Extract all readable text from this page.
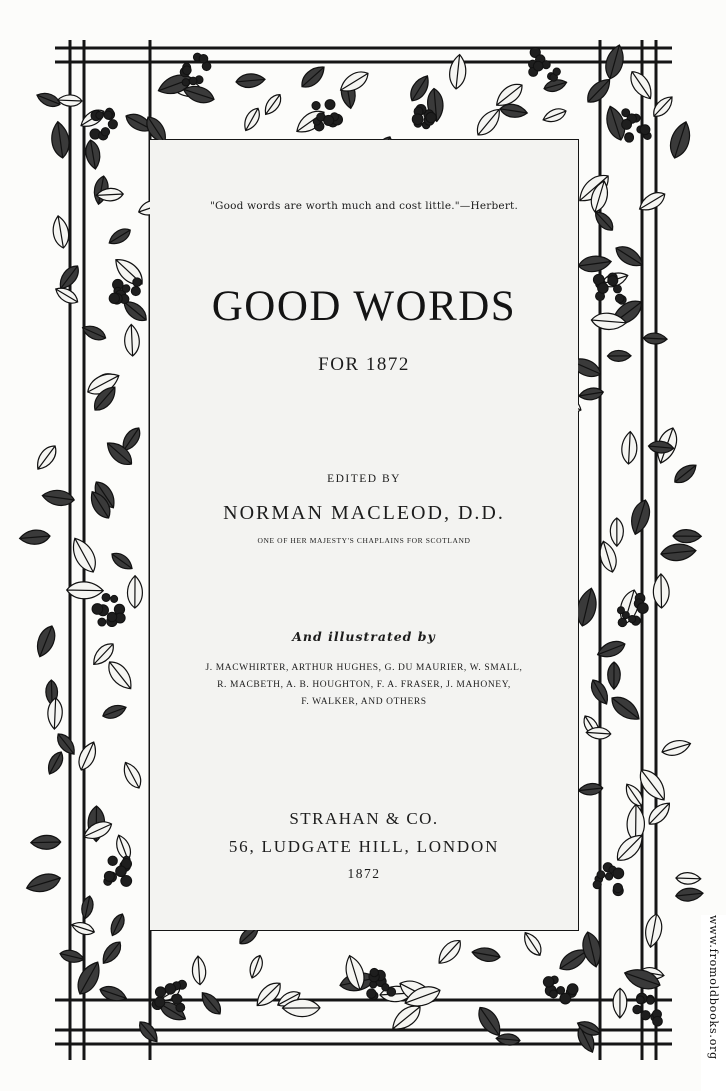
"Good words are worth much and cost little."—Herbert.
GOOD WORDS
FOR 1872
EDITED BY
NORMAN MACLEOD, D.D.
ONE OF HER MAJESTY'S CHAPLAINS FOR SCOTLAND
And illustrated by
J. MACWHIRTER, ARTHUR HUGHES, G. DU MAURIER, W. SMALL,
R. MACBETH, A. B. HOUGHTON, F. A. FRASER, J. MAHONEY,
F. WALKER, AND OTHERS
STRAHAN & CO.
56, LUDGATE HILL, LONDON
1872
www.fromoldbooks.org
